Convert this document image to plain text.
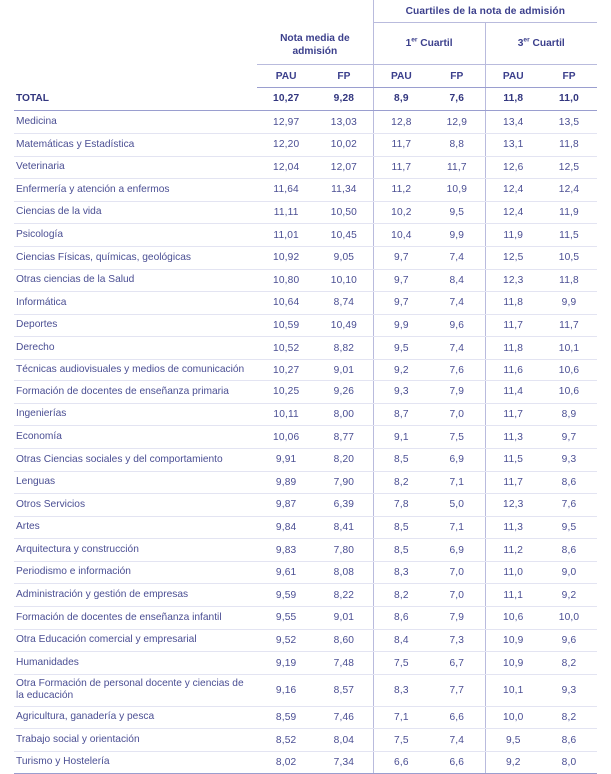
			Cuartiles de la nota de admisión			
	Nota media de admisión		1er Cuartil		3er Cuartil	
	PAU	FP	PAU	FP	PAU	FP
TOTAL	10,27	9,28	8,9	7,6	11,8	11,0
Medicina	12,97	13,03	12,8	12,9	13,4	13,5
Matemáticas y Estadística	12,20	10,02	11,7	8,8	13,1	11,8
Veterinaria	12,04	12,07	11,7	11,7	12,6	12,5
Enfermería y atención a enfermos	11,64	11,34	11,2	10,9	12,4	12,4
Ciencias de la vida	11,11	10,50	10,2	9,5	12,4	11,9
Psicología	11,01	10,45	10,4	9,9	11,9	11,5
Ciencias Físicas, químicas, geológicas	10,92	9,05	9,7	7,4	12,5	10,5
Otras ciencias de la Salud	10,80	10,10	9,7	8,4	12,3	11,8
Informática	10,64	8,74	9,7	7,4	11,8	9,9
Deportes	10,59	10,49	9,9	9,6	11,7	11,7
Derecho	10,52	8,82	9,5	7,4	11,8	10,1
Técnicas audiovisuales y medios de comunicación	10,27	9,01	9,2	7,6	11,6	10,6
Formación de docentes de enseñanza primaria	10,25	9,26	9,3	7,9	11,4	10,6
Ingenierías	10,11	8,00	8,7	7,0	11,7	8,9
Economía	10,06	8,77	9,1	7,5	11,3	9,7
Otras Ciencias sociales y del comportamiento	9,91	8,20	8,5	6,9	11,5	9,3
Lenguas	9,89	7,90	8,2	7,1	11,7	8,6
Otros Servicios	9,87	6,39	7,8	5,0	12,3	7,6
Artes	9,84	8,41	8,5	7,1	11,3	9,5
Arquitectura y construcción	9,83	7,80	8,5	6,9	11,2	8,6
Periodismo e información	9,61	8,08	8,3	7,0	11,0	9,0
Administración y gestión de empresas	9,59	8,22	8,2	7,0	11,1	9,2
Formación de docentes de enseñanza infantil	9,55	9,01	8,6	7,9	10,6	10,0
Otra Educación comercial y empresarial	9,52	8,60	8,4	7,3	10,9	9,6
Humanidades	9,19	7,48	7,5	6,7	10,9	8,2
Otra Formación de personal docente y ciencias de la educación	9,16	8,57	8,3	7,7	10,1	9,3
Agricultura, ganadería y pesca	8,59	7,46	7,1	6,6	10,0	8,2
Trabajo social y orientación	8,52	8,04	7,5	7,4	9,5	8,6
Turismo y Hostelería	8,02	7,34	6,6	6,6	9,2	8,0
